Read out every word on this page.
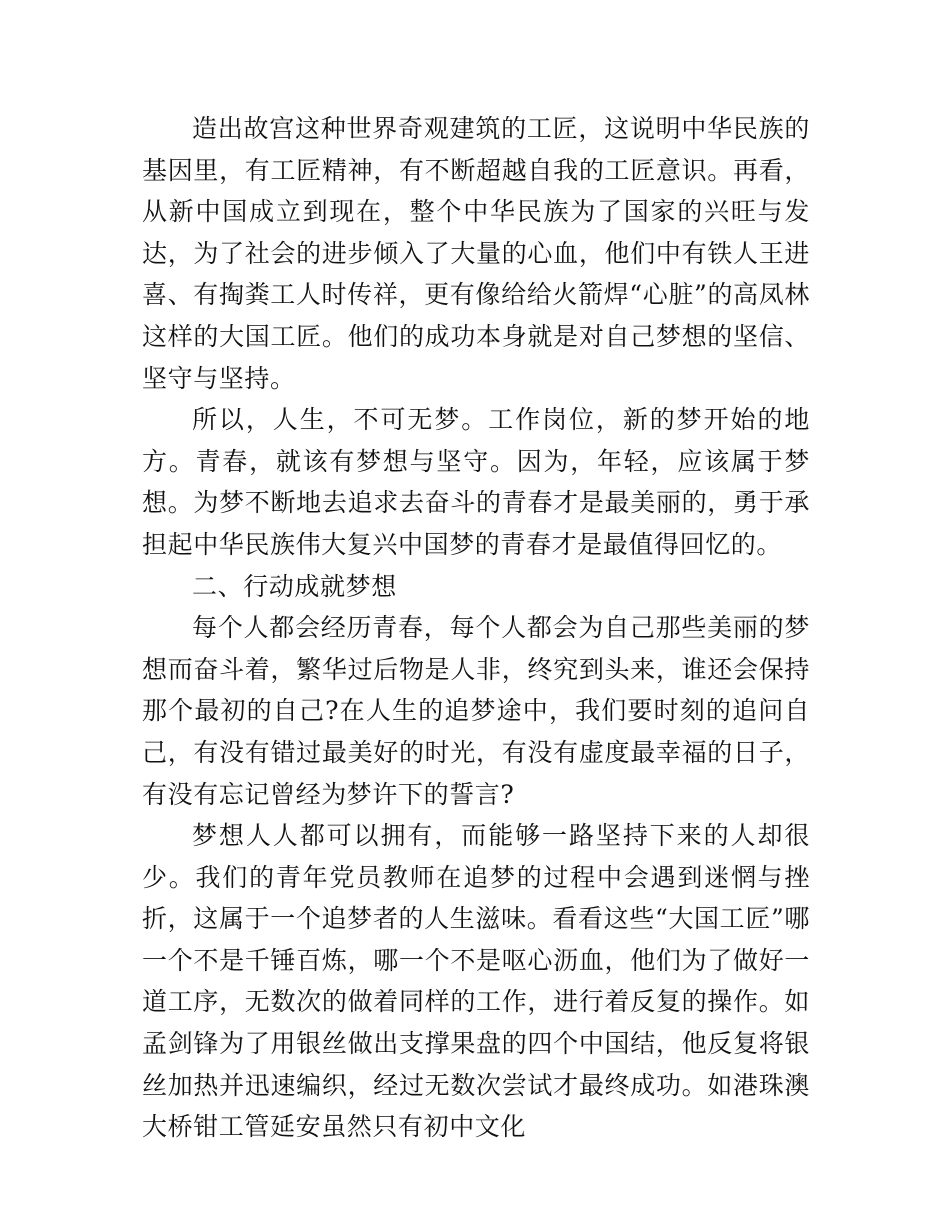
造出故宫这种世界奇观建筑的工匠，这说明中华民族的基因里，有工匠精神，有不断超越自我的工匠意识。再看，从新中国成立到现在，整个中华民族为了国家的兴旺与发达，为了社会的进步倾入了大量的心血，他们中有铁人王进喜、有掏粪工人时传祥，更有像给给火箭焊“心脏”的高凤林这样的大国工匠。他们的成功本身就是对自己梦想的坚信、坚守与坚持。

所以，人生，不可无梦。工作岗位，新的梦开始的地方。青春，就该有梦想与坚守。因为，年轻，应该属于梦想。为梦不断地去追求去奋斗的青春才是最美丽的，勇于承担起中华民族伟大复兴中国梦的青春才是最值得回忆的。

二、行动成就梦想

每个人都会经历青春，每个人都会为自己那些美丽的梦想而奋斗着，繁华过后物是人非，终究到头来，谁还会保持那个最初的自己?在人生的追梦途中，我们要时刻的追问自己，有没有错过最美好的时光，有没有虚度最幸福的日子，有没有忘记曾经为梦许下的誓言?

梦想人人都可以拥有，而能够一路坚持下来的人却很少。我们的青年党员教师在追梦的过程中会遇到迷惘与挫折，这属于一个追梦者的人生滋味。看看这些“大国工匠”哪一个不是千锤百炼，哪一个不是呕心沥血，他们为了做好一道工序，无数次的做着同样的工作，进行着反复的操作。如孟剑锋为了用银丝做出支撑果盘的四个中国结，他反复将银丝加热并迅速编织，经过无数次尝试才最终成功。如港珠澳大桥钳工管延安虽然只有初中文化
